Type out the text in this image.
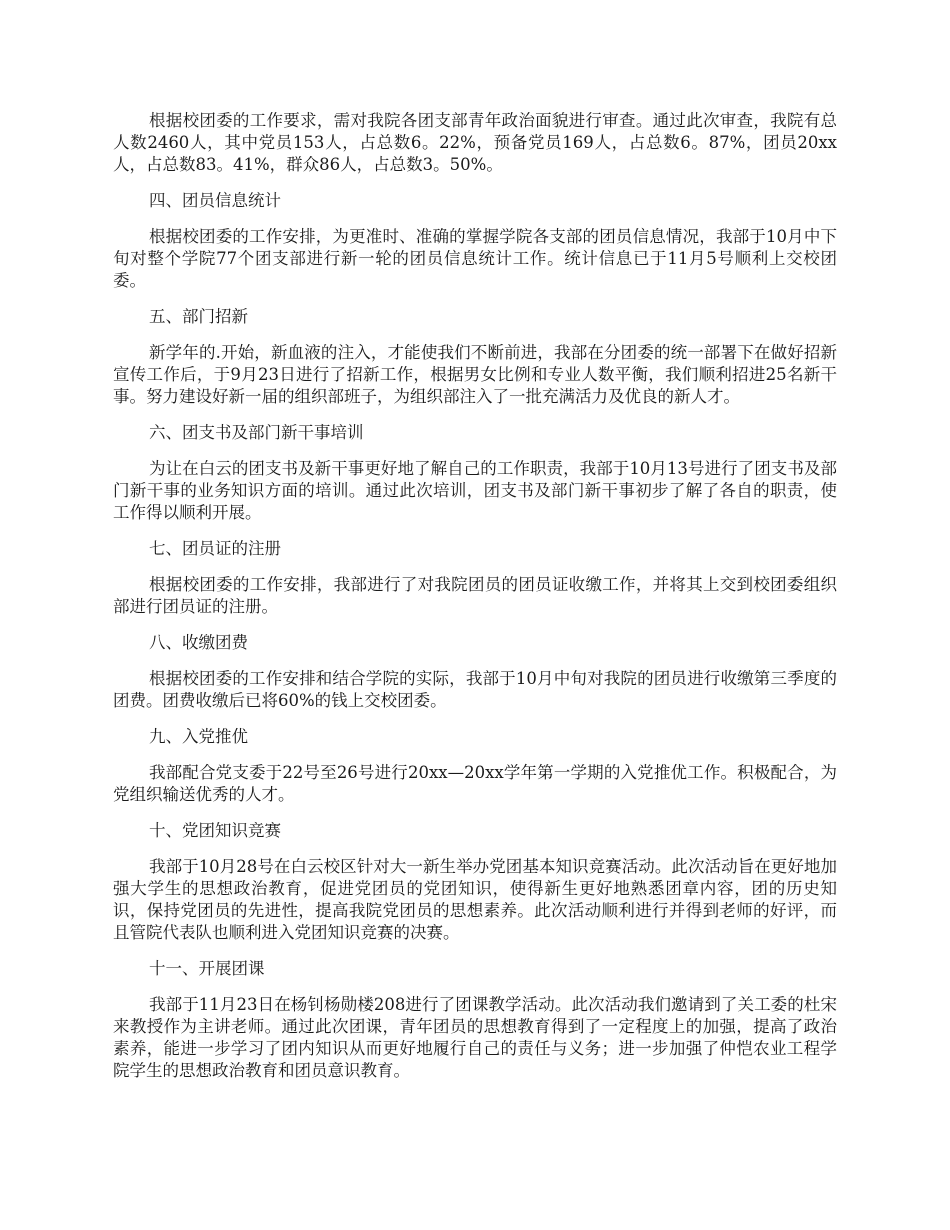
根据校团委的工作要求，需对我院各团支部青年政治面貌进行审查。通过此次审查，我院有总人数2460人，其中党员153人，占总数6。22%，预备党员169人，占总数6。87%，团员20xx人，占总数83。41%，群众86人，占总数3。50%。

四、团员信息统计

根据校团委的工作安排，为更准时、准确的掌握学院各支部的团员信息情况，我部于10月中下旬对整个学院77个团支部进行新一轮的团员信息统计工作。统计信息已于11月5号顺利上交校团委。

五、部门招新

新学年的.开始，新血液的注入，才能使我们不断前进，我部在分团委的统一部署下在做好招新宣传工作后，于9月23日进行了招新工作，根据男女比例和专业人数平衡，我们顺利招进25名新干事。努力建设好新一届的组织部班子，为组织部注入了一批充满活力及优良的新人才。

六、团支书及部门新干事培训

为让在白云的团支书及新干事更好地了解自己的工作职责，我部于10月13号进行了团支书及部门新干事的业务知识方面的培训。通过此次培训，团支书及部门新干事初步了解了各自的职责，使工作得以顺利开展。

七、团员证的注册

根据校团委的工作安排，我部进行了对我院团员的团员证收缴工作，并将其上交到校团委组织部进行团员证的注册。

八、收缴团费

根据校团委的工作安排和结合学院的实际，我部于10月中旬对我院的团员进行收缴第三季度的团费。团费收缴后已将60%的钱上交校团委。

九、入党推优

我部配合党支委于22号至26号进行20xx—20xx学年第一学期的入党推优工作。积极配合，为党组织输送优秀的人才。

十、党团知识竞赛

我部于10月28号在白云校区针对大一新生举办党团基本知识竞赛活动。此次活动旨在更好地加强大学生的思想政治教育，促进党团员的党团知识，使得新生更好地熟悉团章内容，团的历史知识，保持党团员的先进性，提高我院党团员的思想素养。此次活动顺利进行并得到老师的好评，而且管院代表队也顺利进入党团知识竞赛的决赛。

十一、开展团课

我部于11月23日在杨钊杨勋楼208进行了团课教学活动。此次活动我们邀请到了关工委的杜宋来教授作为主讲老师。通过此次团课，青年团员的思想教育得到了一定程度上的加强，提高了政治素养，能进一步学习了团内知识从而更好地履行自己的责任与义务；进一步加强了仲恺农业工程学院学生的思想政治教育和团员意识教育。
